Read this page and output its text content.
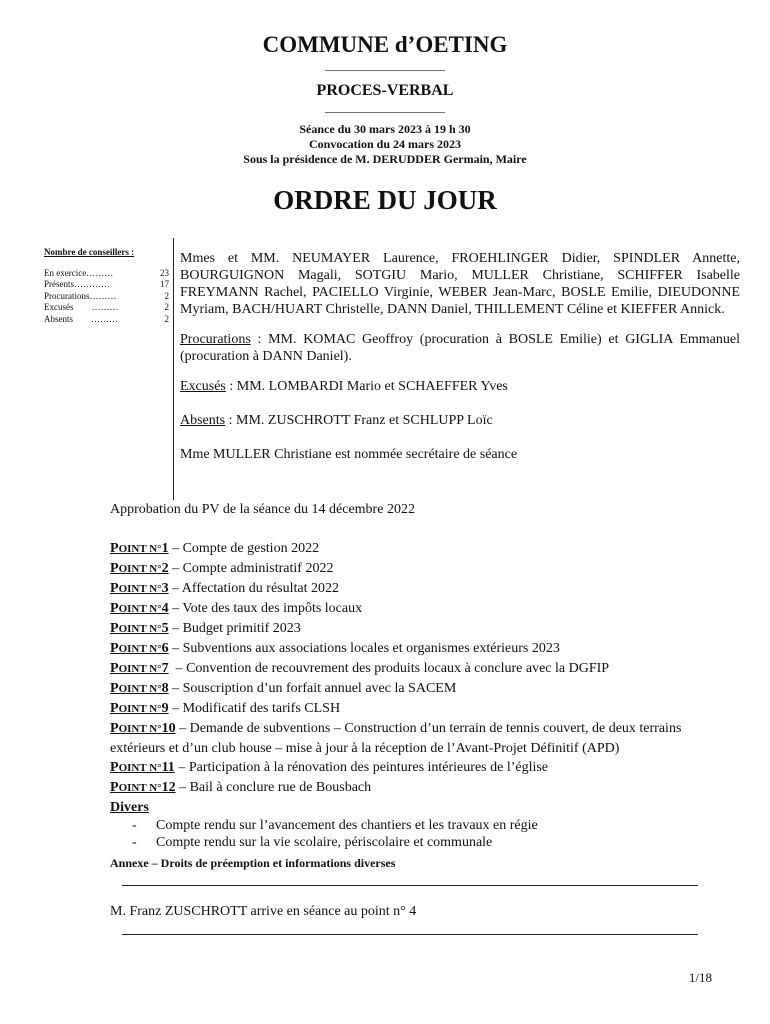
COMMUNE d’OETING
——————————
PROCES-VERBAL
——————————
Séance du 30 mars 2023 à 19 h 30
Convocation du 24 mars 2023
Sous la présidence de M. DERUDDER Germain, Maire
ORDRE DU JOUR
Nombre de conseillers :
En exercice ………	23
Présents …………	17
Procurations ………	2
Excusés ………	2
Absents ………	2

Mmes et MM. NEUMAYER Laurence, FROEHLINGER Didier, SPINDLER Annette, BOURGUIGNON Magali, SOTGIU Mario, MULLER Christiane, SCHIFFER Isabelle FREYMANN Rachel, PACIELLO Virginie, WEBER Jean-Marc, BOSLE Emilie, DIEUDONNE Myriam, BACH/HUART Christelle, DANN Daniel, THILLEMENT Céline et KIEFFER Annick.

Procurations : MM. KOMAC Geoffroy (procuration à BOSLE Emilie) et GIGLIA Emmanuel (procuration à DANN Daniel).

Excusés : MM. LOMBARDI Mario et SCHAEFFER Yves

Absents : MM. ZUSCHROTT Franz et SCHLUPP Loïc

Mme MULLER Christiane est nommée secrétaire de séance

Approbation du PV de la séance du 14 décembre 2022
POINT N°1 – Compte de gestion 2022
POINT N°2 – Compte administratif 2022
POINT N°3 – Affectation du résultat 2022
POINT N°4 – Vote des taux des impôts locaux
POINT N°5 – Budget primitif 2023
POINT N°6 – Subventions aux associations locales et organismes extérieurs 2023
POINT N°7  – Convention de recouvrement des produits locaux à conclure avec la DGFIP
POINT N°8 – Souscription d’un forfait annuel avec la SACEM
POINT N°9 – Modificatif des tarifs CLSH
POINT N°10 – Demande de subventions – Construction d’un terrain de tennis couvert, de deux terrains extérieurs et d’un club house – mise à jour à la réception de l’Avant-Projet Définitif (APD)
POINT N°11 – Participation à la rénovation des peintures intérieures de l’église
POINT N°12 – Bail à conclure rue de Bousbach
Divers
- Compte rendu sur l’avancement des chantiers et les travaux en régie
- Compte rendu sur la vie scolaire, périscolaire et communale
Annexe – Droits de préemption et informations diverses
M. Franz ZUSCHROTT arrive en séance au point n° 4
1/18
